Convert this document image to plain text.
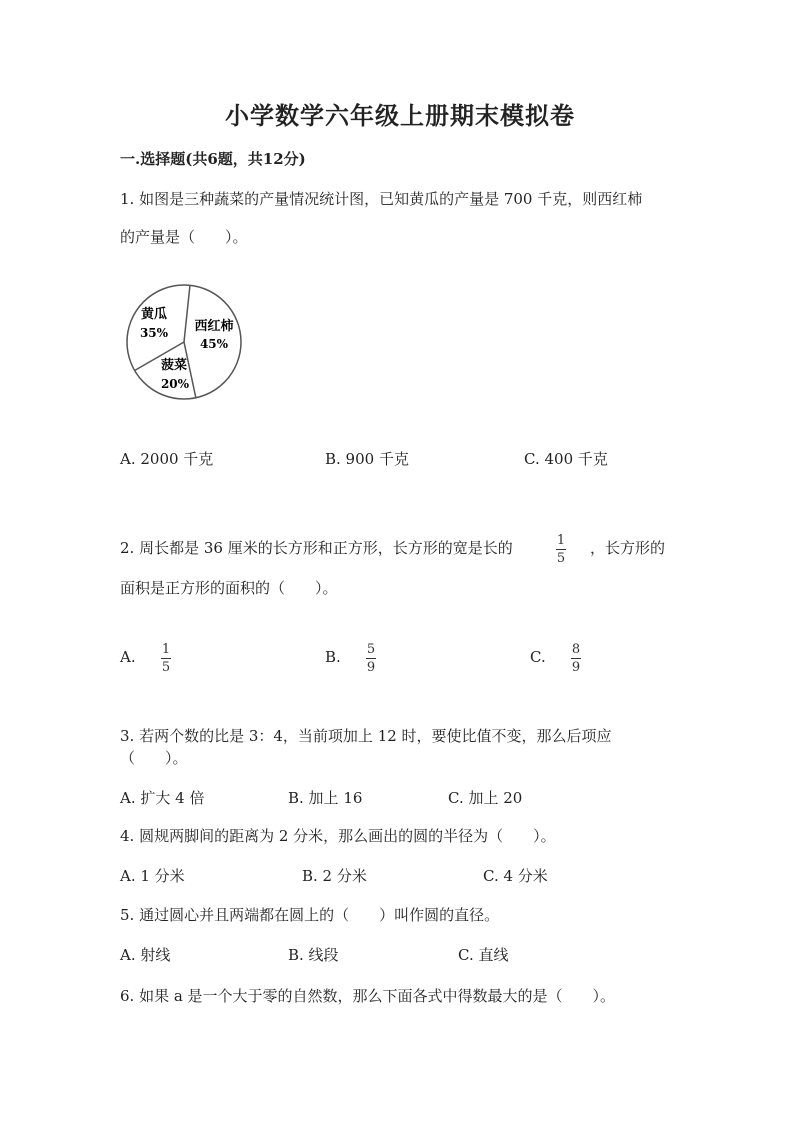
小学数学六年级上册期末模拟卷
一.选择题(共6题，共12分)
1. 如图是三种蔬菜的产量情况统计图，已知黄瓜的产量是 700 千克，则西红柿
的产量是（　　）。
黄瓜
35% 西红柿
45%
菠菜
20%
A. 2000 千克	B. 900 千克	C. 400 千克
2. 周长都是 36 厘米的长方形和正方形，长方形的宽是长的	1
5
，长方形的
面积是正方形的面积的（　　）。
A. 1
5
B. 5
9
C. 8
9
3. 若两个数的比是 3：4，当前项加上 12 时，要使比值不变，那么后项应
（　　）。
A. 扩大 4 倍	B. 加上 16	C. 加上 20
4. 圆规两脚间的距离为 2 分米，那么画出的圆的半径为（　　）。
A. 1 分米	B. 2 分米	C. 4 分米
5. 通过圆心并且两端都在圆上的（　　）叫作圆的直径。
A. 射线	B. 线段	C. 直线
6. 如果 a 是一个大于零的自然数，那么下面各式中得数最大的是（　　）。
